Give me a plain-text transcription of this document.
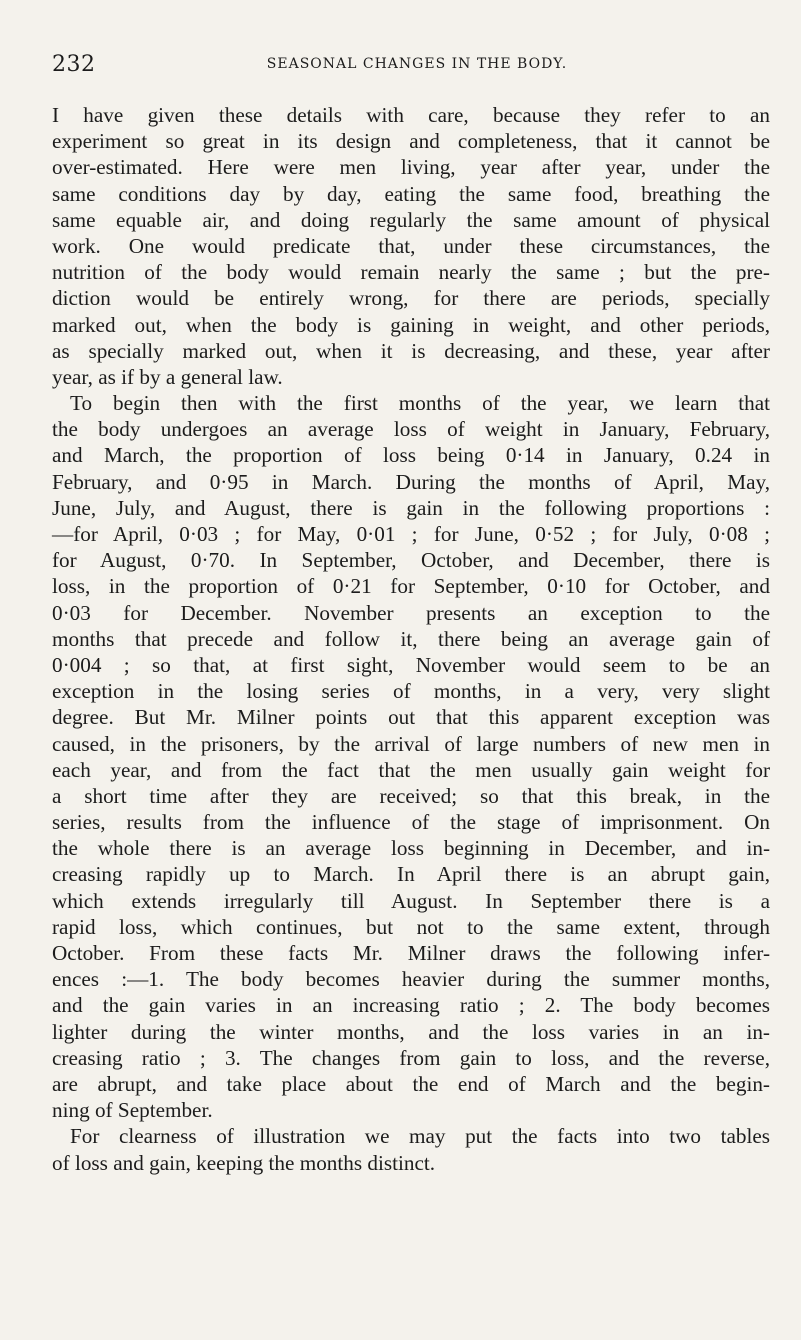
232	SEASONAL CHANGES IN THE BODY.
I have given these details with care, because they refer to an
experiment so great in its design and completeness, that it cannot be
over-estimated. Here were men living, year after year, under the
same conditions day by day, eating the same food, breathing the
same equable air, and doing regularly the same amount of physical
work. One would predicate that, under these circumstances, the
nutrition of the body would remain nearly the same ; but the pre-
diction would be entirely wrong, for there are periods, specially
marked out, when the body is gaining in weight, and other periods,
as specially marked out, when it is decreasing, and these, year after
year, as if by a general law.
To begin then with the first months of the year, we learn that
the body undergoes an average loss of weight in January, February,
and March, the proportion of loss being 0·14 in January, 0.24 in
February, and 0·95 in March. During the months of April, May,
June, July, and August, there is gain in the following proportions :
—for April, 0·03 ; for May, 0·01 ; for June, 0·52 ; for July, 0·08 ;
for August, 0·70. In September, October, and December, there is
loss, in the proportion of 0·21 for September, 0·10 for October, and
0·03 for December. November presents an exception to the
months that precede and follow it, there being an average gain of
0·004 ; so that, at first sight, November would seem to be an
exception in the losing series of months, in a very, very slight
degree. But Mr. Milner points out that this apparent exception was
caused, in the prisoners, by the arrival of large numbers of new men in
each year, and from the fact that the men usually gain weight for
a short time after they are received; so that this break, in the
series, results from the influence of the stage of imprisonment. On
the whole there is an average loss beginning in December, and in-
creasing rapidly up to March. In April there is an abrupt gain,
which extends irregularly till August. In September there is a
rapid loss, which continues, but not to the same extent, through
October. From these facts Mr. Milner draws the following infer-
ences :—1. The body becomes heavier during the summer months,
and the gain varies in an increasing ratio ; 2. The body becomes
lighter during the winter months, and the loss varies in an in-
creasing ratio ; 3. The changes from gain to loss, and the reverse,
are abrupt, and take place about the end of March and the begin-
ning of September.
For clearness of illustration we may put the facts into two tables
of loss and gain, keeping the months distinct.
